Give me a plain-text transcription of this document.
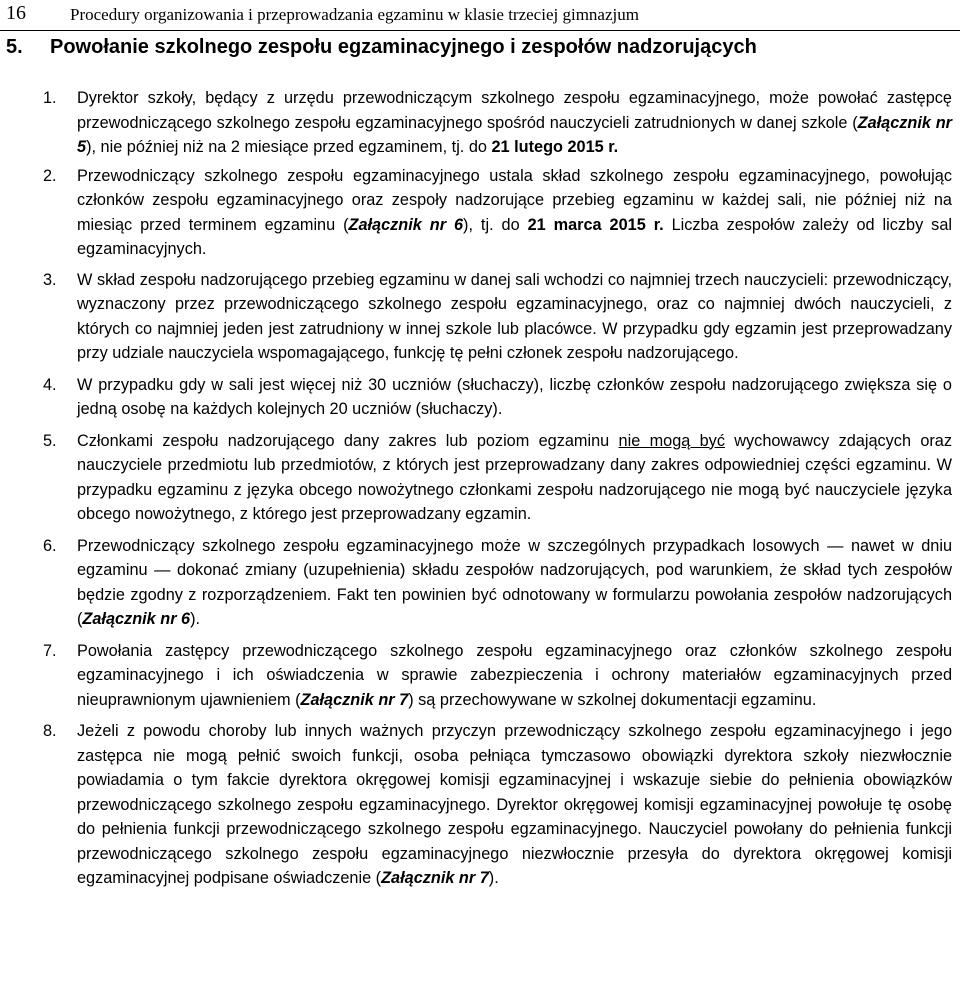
16	Procedury organizowania i przeprowadzania egzaminu w klasie trzeciej gimnazjum
5. Powołanie szkolnego zespołu egzaminacyjnego i zespołów nadzorujących
1. Dyrektor szkoły, będący z urzędu przewodniczącym szkolnego zespołu egzaminacyjnego, może powołać zastępcę przewodniczącego szkolnego zespołu egzaminacyjnego spośród nauczycieli zatrudnionych w danej szkole (Załącznik nr 5), nie później niż na 2 miesiące przed egzaminem, tj. do 21 lutego 2015 r.
2. Przewodniczący szkolnego zespołu egzaminacyjnego ustala skład szkolnego zespołu egzaminacyjnego, powołując członków zespołu egzaminacyjnego oraz zespoły nadzorujące przebieg egzaminu w każdej sali, nie później niż na miesiąc przed terminem egzaminu (Załącznik nr 6), tj. do 21 marca 2015 r. Liczba zespołów zależy od liczby sal egzaminacyjnych.
3. W skład zespołu nadzorującego przebieg egzaminu w danej sali wchodzi co najmniej trzech nauczycieli: przewodniczący, wyznaczony przez przewodniczącego szkolnego zespołu egzaminacyjnego, oraz co najmniej dwóch nauczycieli, z których co najmniej jeden jest zatrudniony w innej szkole lub placówce. W przypadku gdy egzamin jest przeprowadzany przy udziale nauczyciela wspomagającego, funkcję tę pełni członek zespołu nadzorującego.
4. W przypadku gdy w sali jest więcej niż 30 uczniów (słuchaczy), liczbę członków zespołu nadzorującego zwiększa się o jedną osobę na każdych kolejnych 20 uczniów (słuchaczy).
5. Członkami zespołu nadzorującego dany zakres lub poziom egzaminu nie mogą być wychowawcy zdających oraz nauczyciele przedmiotu lub przedmiotów, z których jest przeprowadzany dany zakres odpowiedniej części egzaminu. W przypadku egzaminu z języka obcego nowożytnego członkami zespołu nadzorującego nie mogą być nauczyciele języka obcego nowożytnego, z którego jest przeprowadzany egzamin.
6. Przewodniczący szkolnego zespołu egzaminacyjnego może w szczególnych przypadkach losowych — nawet w dniu egzaminu — dokonać zmiany (uzupełnienia) składu zespołów nadzorujących, pod warunkiem, że skład tych zespołów będzie zgodny z rozporządzeniem. Fakt ten powinien być odnotowany w formularzu powołania zespołów nadzorujących (Załącznik nr 6).
7. Powołania zastępcy przewodniczącego szkolnego zespołu egzaminacyjnego oraz członków szkolnego zespołu egzaminacyjnego i ich oświadczenia w sprawie zabezpieczenia i ochrony materiałów egzaminacyjnych przed nieuprawnionym ujawnieniem (Załącznik nr 7) są przechowywane w szkolnej dokumentacji egzaminu.
8. Jeżeli z powodu choroby lub innych ważnych przyczyn przewodniczący szkolnego zespołu egzaminacyjnego i jego zastępca nie mogą pełnić swoich funkcji, osoba pełniąca tymczasowo obowiązki dyrektora szkoły niezwłocznie powiadamia o tym fakcie dyrektora okręgowej komisji egzaminacyjnej i wskazuje siebie do pełnienia obowiązków przewodniczącego szkolnego zespołu egzaminacyjnego. Dyrektor okręgowej komisji egzaminacyjnej powołuje tę osobę do pełnienia funkcji przewodniczącego szkolnego zespołu egzaminacyjnego. Nauczyciel powołany do pełnienia funkcji przewodniczącego szkolnego zespołu egzaminacyjnego niezwłocznie przesyła do dyrektora okręgowej komisji egzaminacyjnej podpisane oświadczenie (Załącznik nr 7).
